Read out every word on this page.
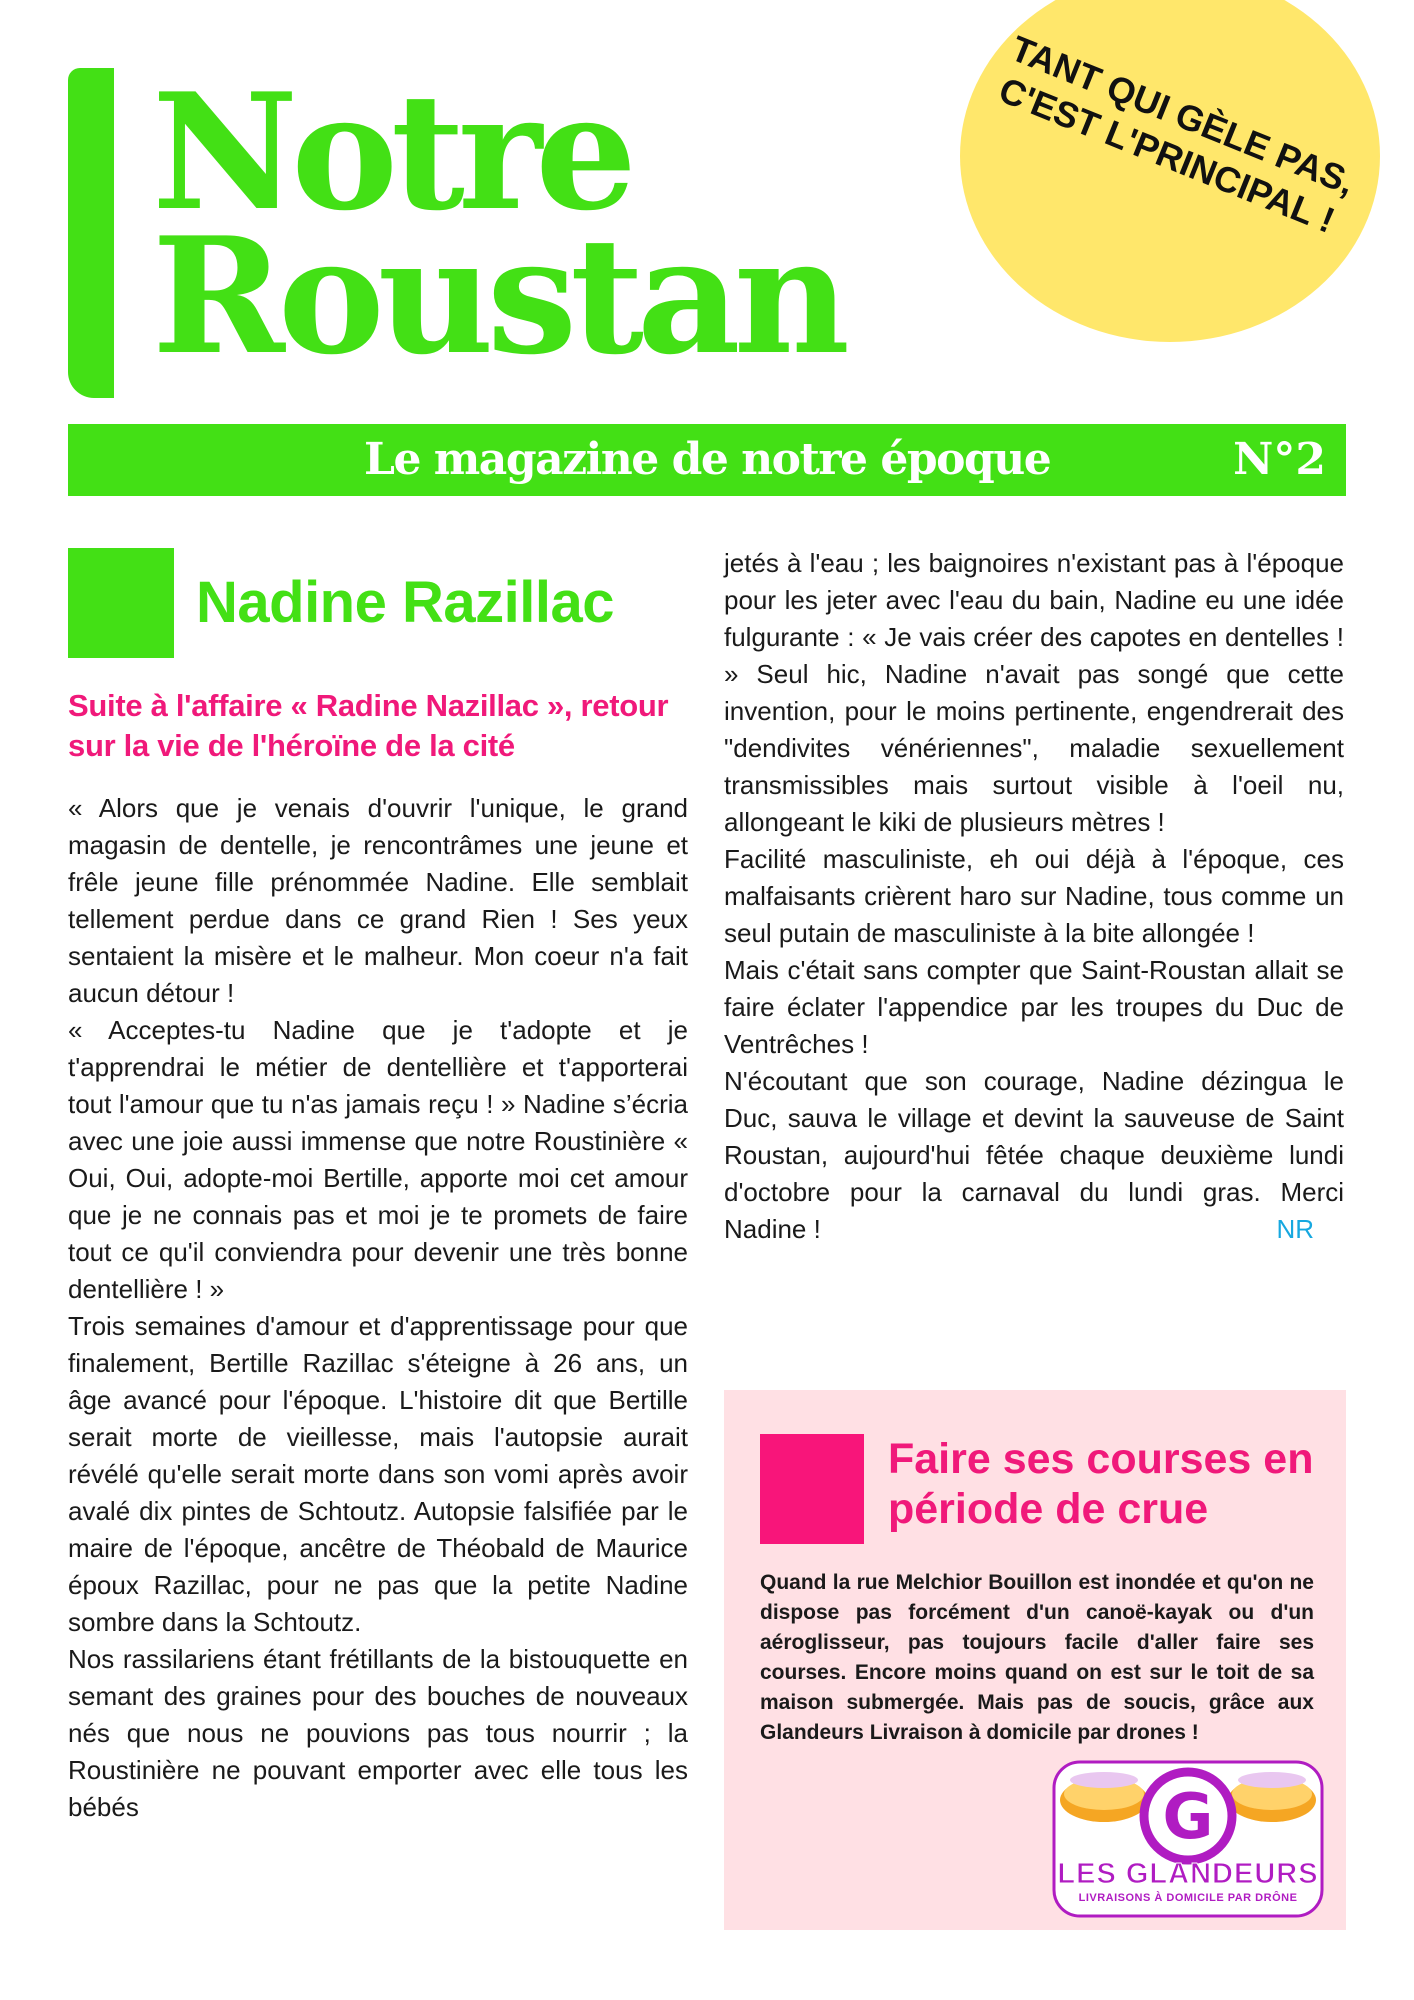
Notre
Roustan
TANT QUI GÈLE PAS, C'EST L'PRINCIPAL !
Le magazine de notre époque	N°2
Nadine Razillac
Suite à l'affaire « Radine Nazillac », retour sur la vie de l'héroïne de la cité

« Alors que je venais d'ouvrir l'unique, le grand magasin de dentelle, je rencontrâmes une jeune et frêle jeune fille prénommée Nadine. Elle semblait tellement perdue dans ce grand Rien ! Ses yeux sentaient la misère et le malheur. Mon coeur n'a fait aucun détour !

« Acceptes-tu Nadine que je t'adopte et je t'apprendrai le métier de dentellière et t'apporterai tout l'amour que tu n'as jamais reçu ! » Nadine s’écria avec une joie aussi immense que notre Roustinière « Oui, Oui, adopte-moi Bertille, apporte moi cet amour que je ne connais pas et moi je te promets de faire tout ce qu'il conviendra pour devenir une très bonne dentellière ! »

Trois semaines d'amour et d'apprentissage pour que finalement, Bertille Razillac s'éteigne à 26 ans, un âge avancé pour l'époque. L'histoire dit que Bertille serait morte de vieillesse, mais l'autopsie aurait révélé qu'elle serait morte dans son vomi après avoir avalé dix pintes de Schtoutz. Autopsie falsifiée par le maire de l'époque, ancêtre de Théobald de Maurice époux Razillac, pour ne pas que la petite Nadine sombre dans la Schtoutz.

Nos rassilariens étant frétillants de la bistouquette en semant des graines pour des bouches de nouveaux nés que nous ne pouvions pas tous nourrir ; la Roustinière ne pouvant emporter avec elle tous les bébés

jetés à l'eau ; les baignoires n'existant pas à l'époque pour les jeter avec l'eau du bain, Nadine eu une idée fulgurante : « Je vais créer des capotes en dentelles ! » Seul hic, Nadine n'avait pas songé que cette invention, pour le moins pertinente, engendrerait des "dendivites vénériennes", maladie sexuellement transmissibles mais surtout visible à l'oeil nu, allongeant le kiki de plusieurs mètres !

Facilité masculiniste, eh oui déjà à l'époque, ces malfaisants crièrent haro sur Nadine, tous comme un seul putain de masculiniste à la bite allongée !

Mais c'était sans compter que Saint-Roustan allait se faire éclater l'appendice par les troupes du Duc de Ventrêches !

N'écoutant que son courage, Nadine dézingua le Duc, sauva le village et devint la sauveuse de Saint Roustan, aujourd'hui fêtée chaque deuxième lundi d'octobre pour la carnaval du lundi gras. Merci Nadine !	NR

Faire ses courses en période de crue
Quand la rue Melchior Bouillon est inondée et qu'on ne dispose pas forcément d'un canoë-kayak ou d'un aéroglisseur, pas toujours facile d'aller faire ses courses. Encore moins quand on est sur le toit de sa maison submergée. Mais pas de soucis, grâce aux Glandeurs Livraison à domicile par drones !
G
LES GLANDEURS
LIVRAISONS À DOMICILE PAR DRÔNE
